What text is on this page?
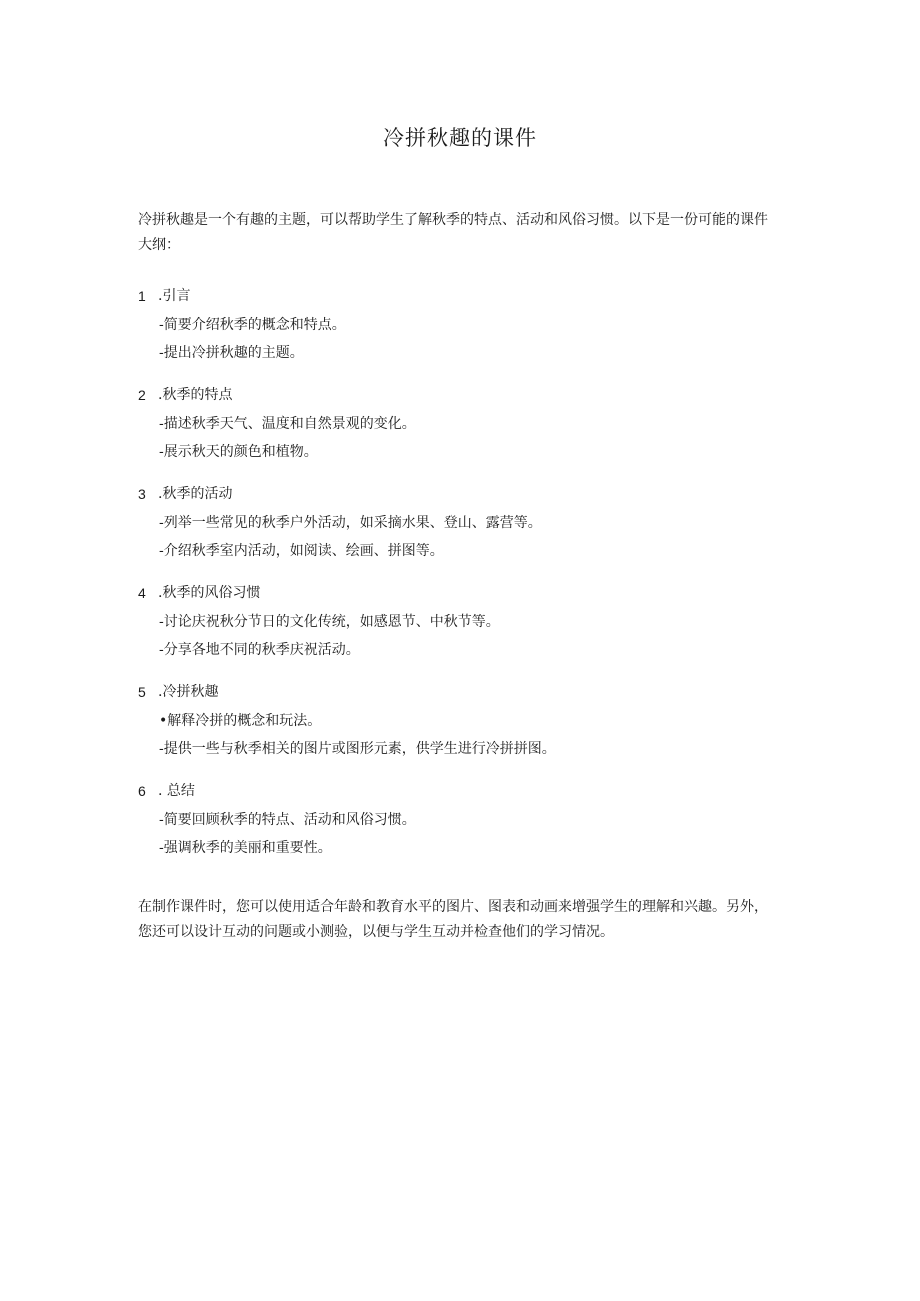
冷拼秋趣的课件
冷拼秋趣是一个有趣的主题，可以帮助学生了解秋季的特点、活动和风俗习惯。以下是一份可能的课件大纲：
1 .引言
-简要介绍秋季的概念和特点。
-提出冷拼秋趣的主题。
2 .秋季的特点
-描述秋季天气、温度和自然景观的变化。
-展示秋天的颜色和植物。
3 .秋季的活动
-列举一些常见的秋季户外活动，如采摘水果、登山、露营等。
-介绍秋季室内活动，如阅读、绘画、拼图等。
4 .秋季的风俗习惯
-讨论庆祝秋分节日的文化传统，如感恩节、中秋节等。
-分享各地不同的秋季庆祝活动。
5 .冷拼秋趣
•解释冷拼的概念和玩法。
-提供一些与秋季相关的图片或图形元素，供学生进行冷拼拼图。
6 . 总结
-简要回顾秋季的特点、活动和风俗习惯。
-强调秋季的美丽和重要性。
在制作课件时，您可以使用适合年龄和教育水平的图片、图表和动画来增强学生的理解和兴趣。另外，您还可以设计互动的问题或小测验，以便与学生互动并检查他们的学习情况。
